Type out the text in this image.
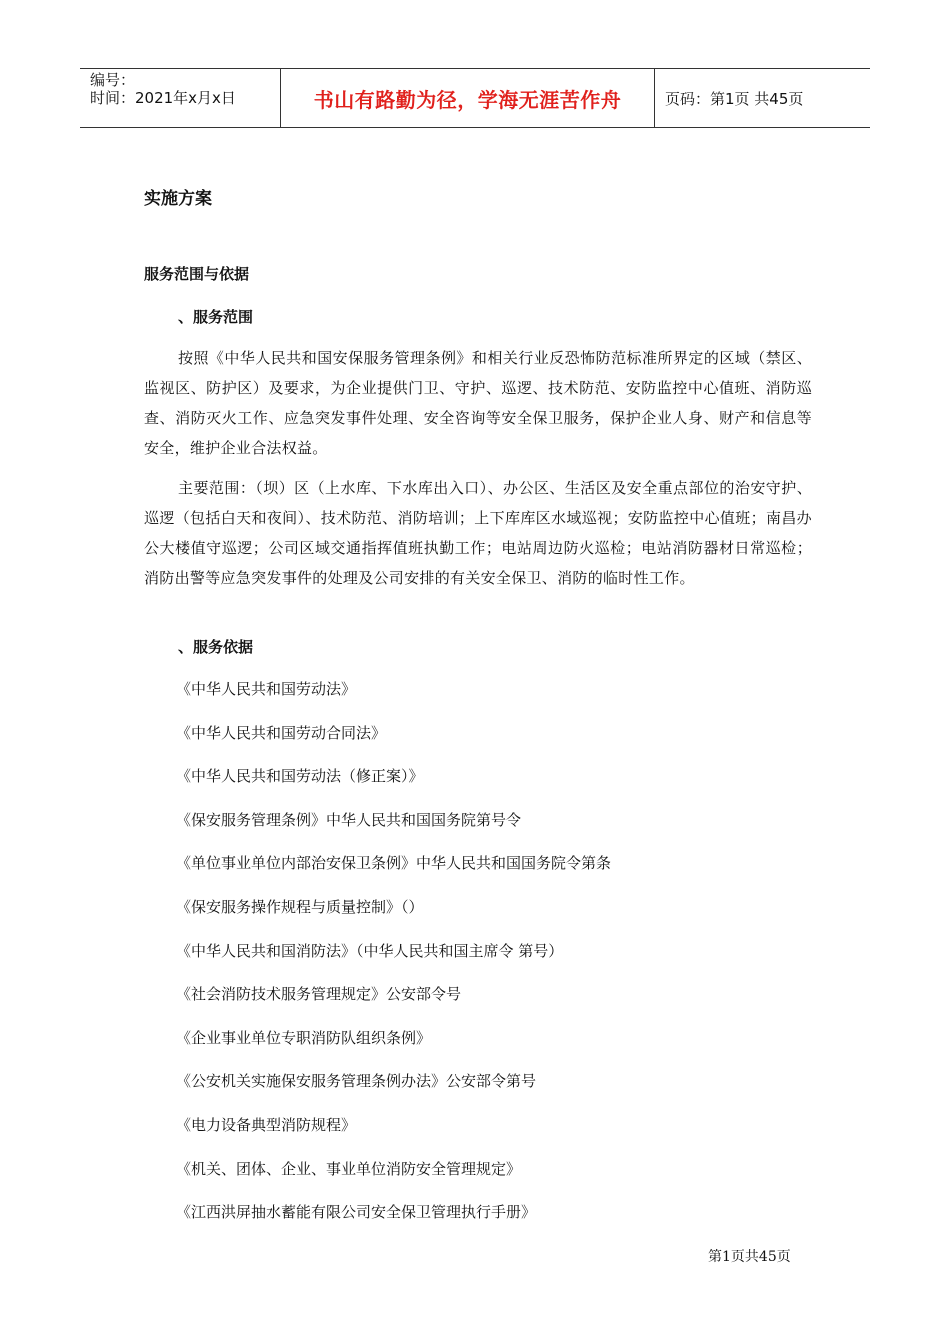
编号：
时间：2021年x月x日	书山有路勤为径，学海无涯苦作舟	页码：第1页 共45页
实施方案
服务范围与依据
、服务范围
按照《中华人民共和国安保服务管理条例》和相关行业反恐怖防范标准所界定的区域（禁区、监视区、防护区）及要求，为企业提供门卫、守护、巡逻、技术防范、安防监控中心值班、消防巡查、消防灭火工作、应急突发事件处理、安全咨询等安全保卫服务，保护企业人身、财产和信息等安全，维护企业合法权益。
主要范围：（坝）区（上水库、下水库出入口）、办公区、生活区及安全重点部位的治安守护、巡逻（包括白天和夜间）、技术防范、消防培训；上下库库区水域巡视；安防监控中心值班；南昌办公大楼值守巡逻；公司区域交通指挥值班执勤工作；电站周边防火巡检；电站消防器材日常巡检；消防出警等应急突发事件的处理及公司安排的有关安全保卫、消防的临时性工作。
、服务依据
《中华人民共和国劳动法》
《中华人民共和国劳动合同法》
《中华人民共和国劳动法（修正案）》
《保安服务管理条例》中华人民共和国国务院第号令
《单位事业单位内部治安保卫条例》中华人民共和国国务院令第条
《保安服务操作规程与质量控制》（）
《中华人民共和国消防法》（中华人民共和国主席令 第号）
《社会消防技术服务管理规定》公安部令号
《企业事业单位专职消防队组织条例》
《公安机关实施保安服务管理条例办法》公安部令第号
《电力设备典型消防规程》
《机关、团体、企业、事业单位消防安全管理规定》
《江西洪屏抽水蓄能有限公司安全保卫管理执行手册》
第1页共45页
